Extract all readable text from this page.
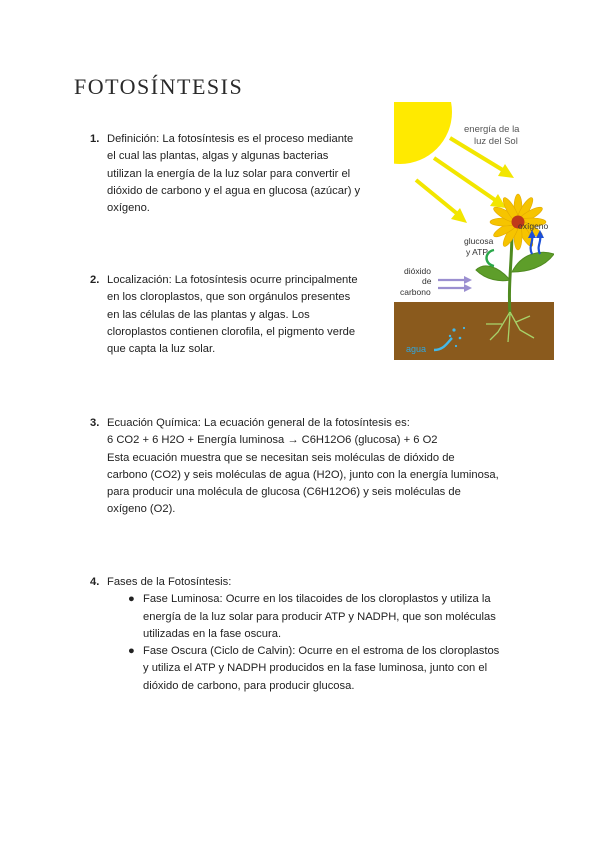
FOTOSÍNTESIS
1. Definición: La fotosíntesis es el proceso mediante
el cual las plantas, algas y algunas bacterias
utilizan la energía de la luz solar para convertir el
dióxido de carbono y el agua en glucosa (azúcar) y
oxígeno.
2. Localización: La fotosíntesis ocurre principalmente
en los cloroplastos, que son orgánulos presentes
en las células de las plantas y algas. Los
cloroplastos contienen clorofila, el pigmento verde
que capta la luz solar.
3. Ecuación Química: La ecuación general de la fotosíntesis es:
6 CO2 + 6 H2O + Energía luminosa → C6H12O6 (glucosa) + 6 O2
Esta ecuación muestra que se necesitan seis moléculas de dióxido de
carbono (CO2) y seis moléculas de agua (H2O), junto con la energía luminosa,
para producir una molécula de glucosa (C6H12O6) y seis moléculas de
oxígeno (O2).
4. Fases de la Fotosíntesis:
● Fase Luminosa: Ocurre en los tilacoides de los cloroplastos y utiliza la
energía de la luz solar para producir ATP y NADPH, que son moléculas
utilizadas en la fase oscura.
● Fase Oscura (Ciclo de Calvin): Ocurre en el estroma de los cloroplastos
y utiliza el ATP y NADPH producidos en la fase luminosa, junto con el
dióxido de carbono, para producir glucosa.
energía de la
luz del Sol
oxígeno
glucosa
y ATP
dióxido
de
carbono
agua
